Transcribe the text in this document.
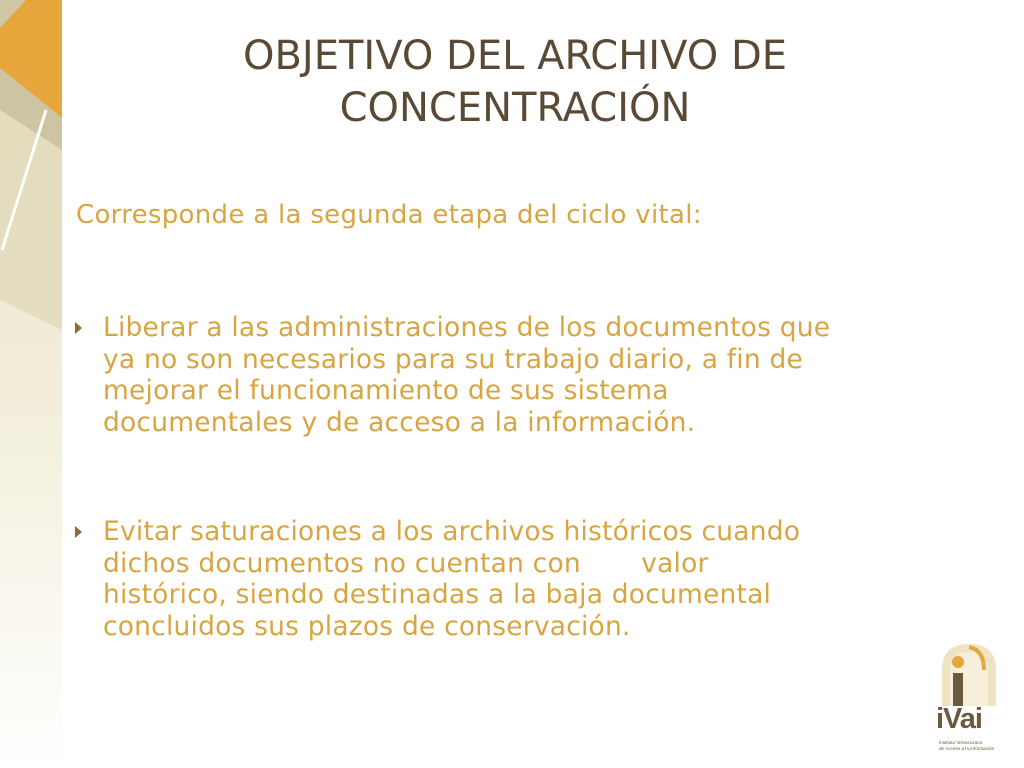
OBJETIVO DEL ARCHIVO DE
CONCENTRACIÓN

Corresponde a la segunda etapa del ciclo vital:

Liberar a las administraciones de los documentos que
ya no son necesarios para su trabajo diario, a fin de
mejorar el funcionamiento de sus sistema
documentales y de acceso a la información.
Evitar saturaciones a los archivos históricos cuando
dichos documentos no cuentan con       valor
histórico, siendo destinadas a la baja documental
concluidos sus plazos de conservación.
iVai
Instituto Veracruzano
de Acceso a la Información
